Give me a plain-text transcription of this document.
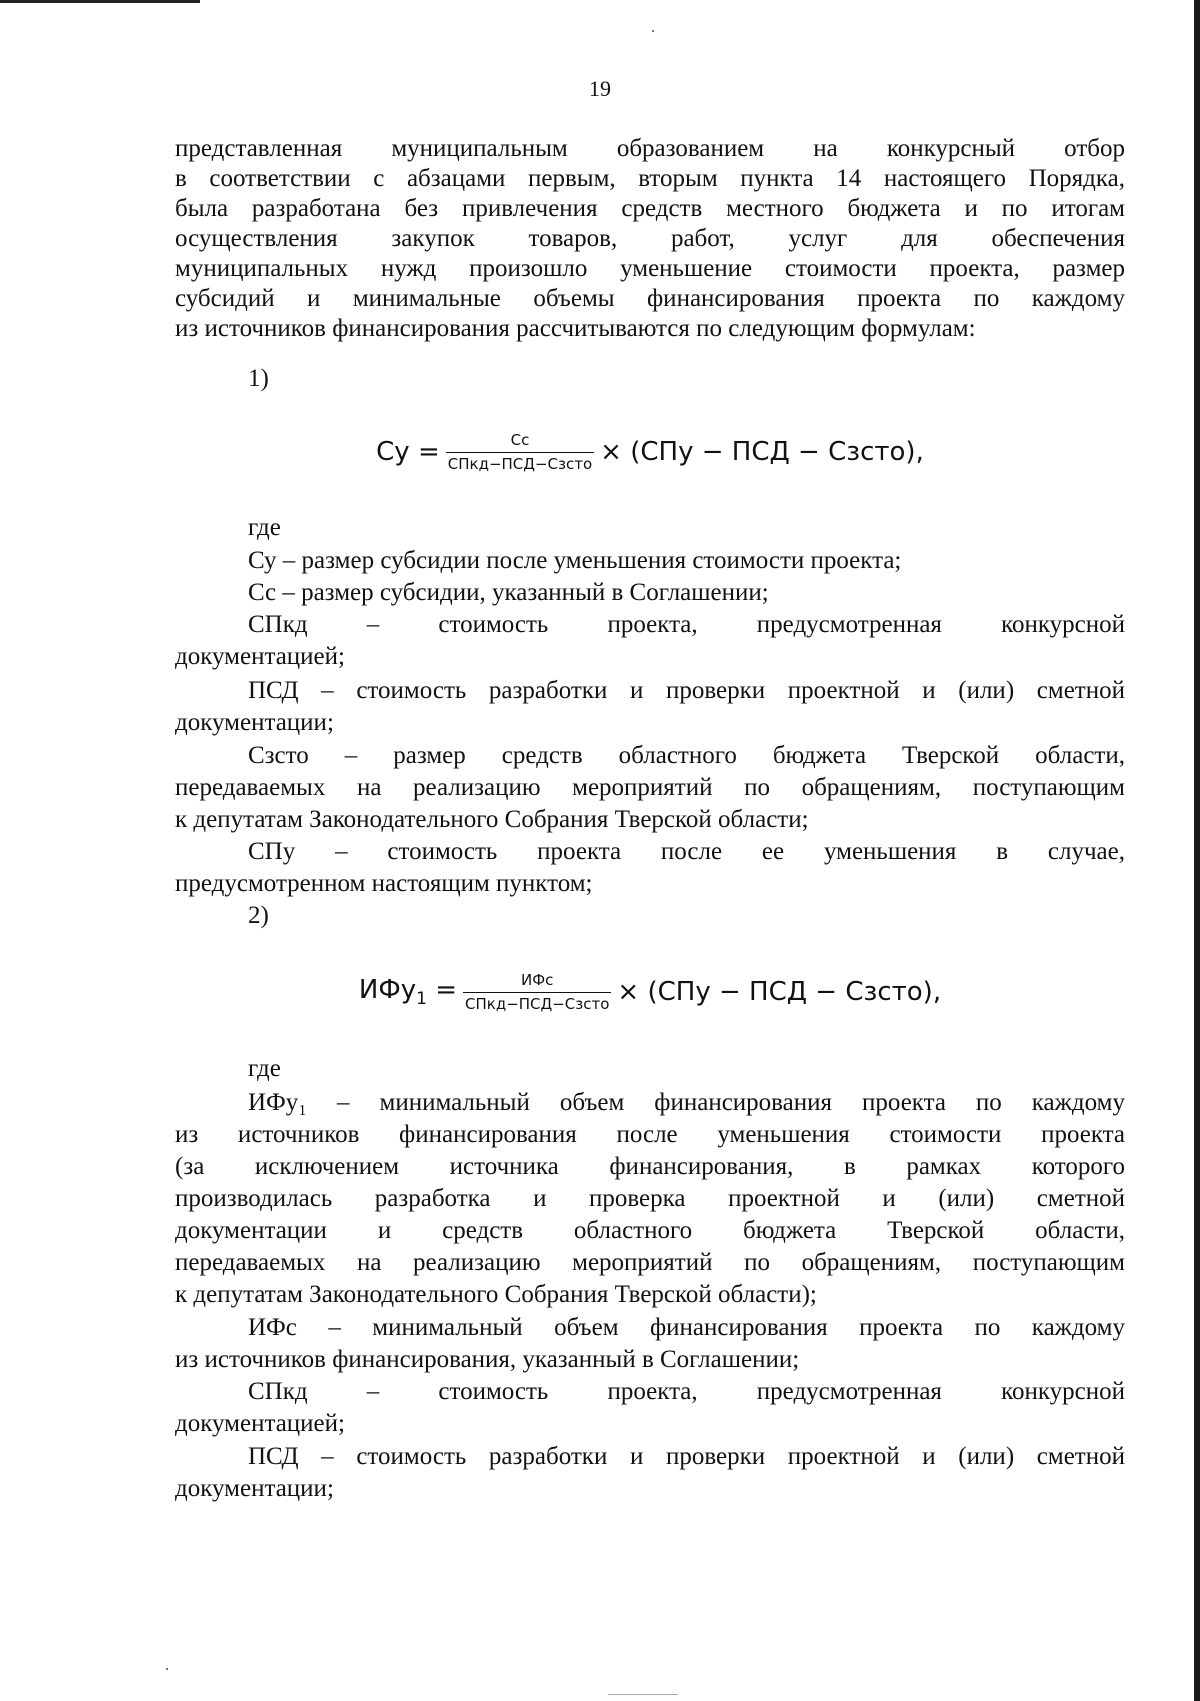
19
представленная муниципальным образованием на конкурсный отбор
в соответствии с абзацами первым, вторым пункта 14 настоящего Порядка,
была разработана без привлечения средств местного бюджета и по итогам
осуществления закупок товаров, работ, услуг для обеспечения
муниципальных нужд произошло уменьшение стоимости проекта, размер
субсидий и минимальные объемы финансирования проекта по каждому
из источников финансирования рассчитываются по следующим формулам:
1)
Су = $\frac{Сс}{\text{СПкд−ПСД−Сзсто}} \times (СПу$ − ПСД − Сзсто),
где
Су – размер субсидии после уменьшения стоимости проекта;
Сс – размер субсидии, указанный в Соглашении;
СПкд – стоимость проекта, предусмотренная конкурсной
документацией;
ПСД – стоимость разработки и проверки проектной и (или) сметной
документации;
Сзсто – размер средств областного бюджета Тверской области,
передаваемых на реализацию мероприятий по обращениям, поступающим
к депутатам Законодательного Собрания Тверской области;
СПу – стоимость проекта после ее уменьшения в случае,
предусмотренном настоящим пунктом;
2)
$ИФу_1 = \frac{\text{ИФс}}{\text{СПкд−ПСД−Сзсто}} \times (СПу$ − ПСД − Сзсто),
где
ИФу₁ – минимальный объем финансирования проекта по каждому
из источников финансирования после уменьшения стоимости проекта
(за исключением источника финансирования, в рамках которого
производилась разработка и проверка проектной и (или) сметной
документации и средств областного бюджета Тверской области,
передаваемых на реализацию мероприятий по обращениям, поступающим
к депутатам Законодательного Собрания Тверской области);
ИФс – минимальный объем финансирования проекта по каждому
из источников финансирования, указанный в Соглашении;
СПкд – стоимость проекта, предусмотренная конкурсной
документацией;
ПСД – стоимость разработки и проверки проектной и (или) сметной
документации;
